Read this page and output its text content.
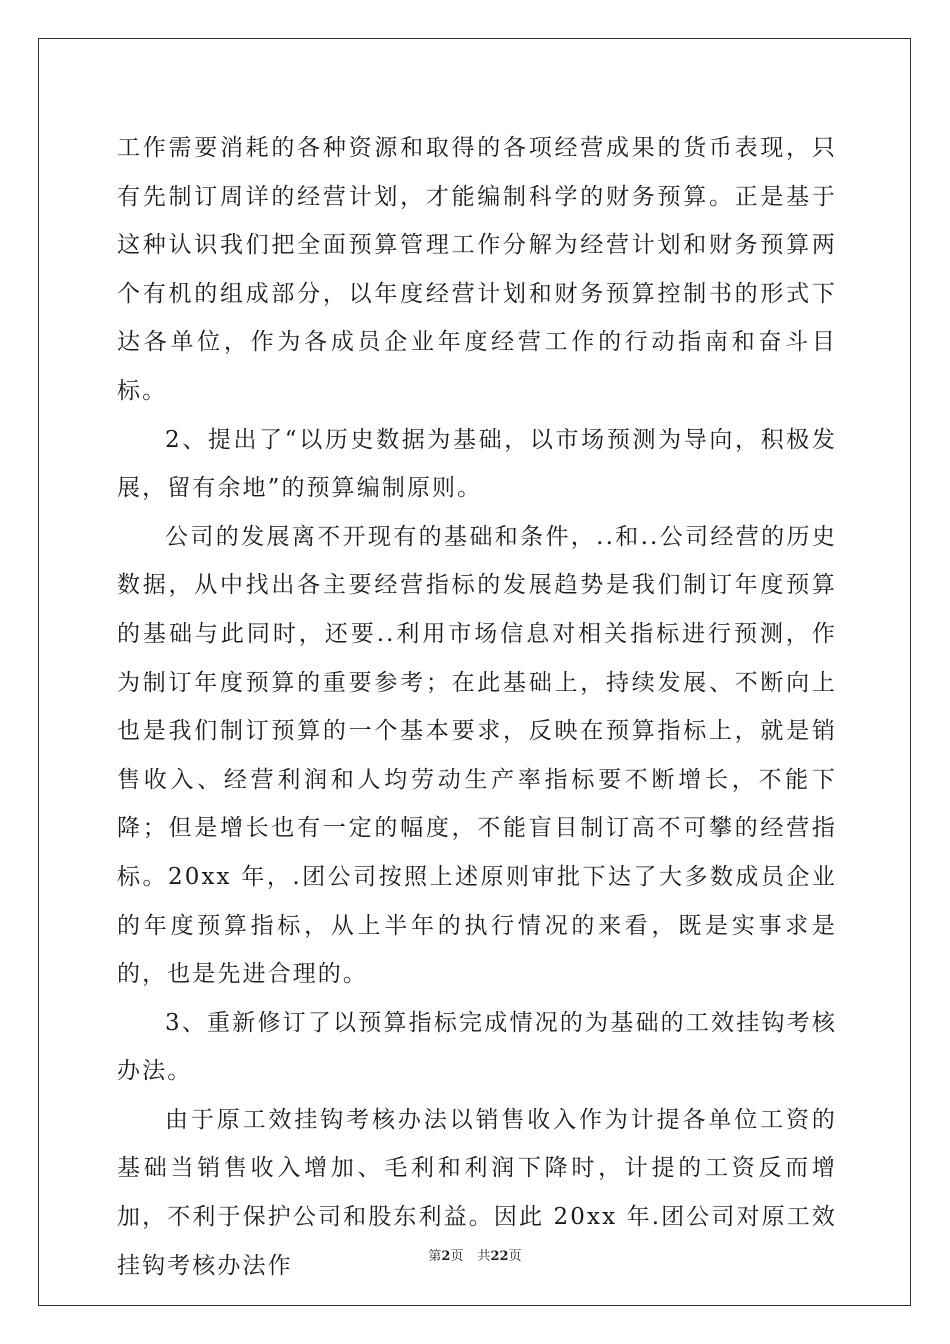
工作需要消耗的各种资源和取得的各项经营成果的货币表现，只有先制订周详的经营计划，才能编制科学的财务预算。正是基于这种认识我们把全面预算管理工作分解为经营计划和财务预算两个有机的组成部分，以年度经营计划和财务预算控制书的形式下达各单位，作为各成员企业年度经营工作的行动指南和奋斗目标。

2、提出了“以历史数据为基础，以市场预测为导向，积极发展，留有余地”的预算编制原则。

公司的发展离不开现有的基础和条件，..和..公司经营的历史数据，从中找出各主要经营指标的发展趋势是我们制订年度预算的基础与此同时，还要..利用市场信息对相关指标进行预测，作为制订年度预算的重要参考；在此基础上，持续发展、不断向上也是我们制订预算的一个基本要求，反映在预算指标上，就是销售收入、经营利润和人均劳动生产率指标要不断增长，不能下降；但是增长也有一定的幅度，不能盲目制订高不可攀的经营指标。20xx 年，.团公司按照上述原则审批下达了大多数成员企业的年度预算指标，从上半年的执行情况的来看，既是实事求是的，也是先进合理的。

3、重新修订了以预算指标完成情况的为基础的工效挂钩考核办法。

由于原工效挂钩考核办法以销售收入作为计提各单位工资的基础当销售收入增加、毛利和利润下降时，计提的工资反而增加，不利于保护公司和股东利益。因此 20xx 年.团公司对原工效挂钩考核办法作	第2页 共22页
